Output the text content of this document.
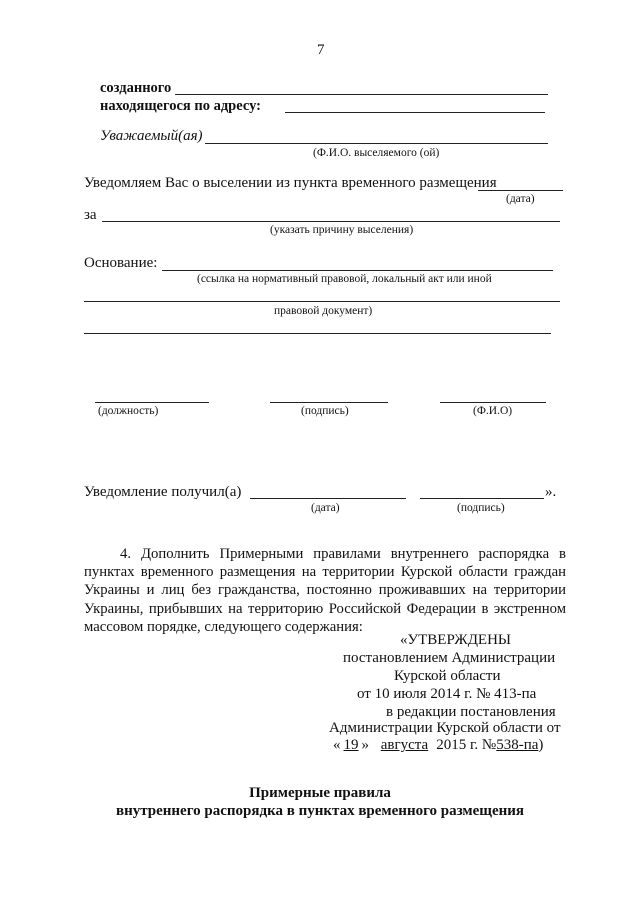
7
созданного
находящегося по адресу:
Уважаемый(ая)
(Ф.И.О. выселяемого (ой)
Уведомляем Вас о выселении из пункта временного размещения
(дата)
за
(указать причину выселения)
Основание:
(ссылка на нормативный правовой, локальный акт или иной
правовой документ)
(должность)	(подпись)	(Ф.И.О)
Уведомление получил(а)	».
(дата)	(подпись)
4. Дополнить Примерными правилами внутреннего распорядка в пунктах временного размещения на территории Курской области граждан Украины и лиц без гражданства, постоянно проживавших на территории Украины, прибывших на территорию Российской Федерации в экстренном массовом порядке, следующего содержания:
«УТВЕРЖДЕНЫ
постановлением Администрации
Курской области
от 10 июля 2014 г. № 413-па
в редакции постановления
Администрации Курской области от
« 19 » августа 2015 г. №538-па)
Примерные правила
внутреннего распорядка в пунктах временного размещения
